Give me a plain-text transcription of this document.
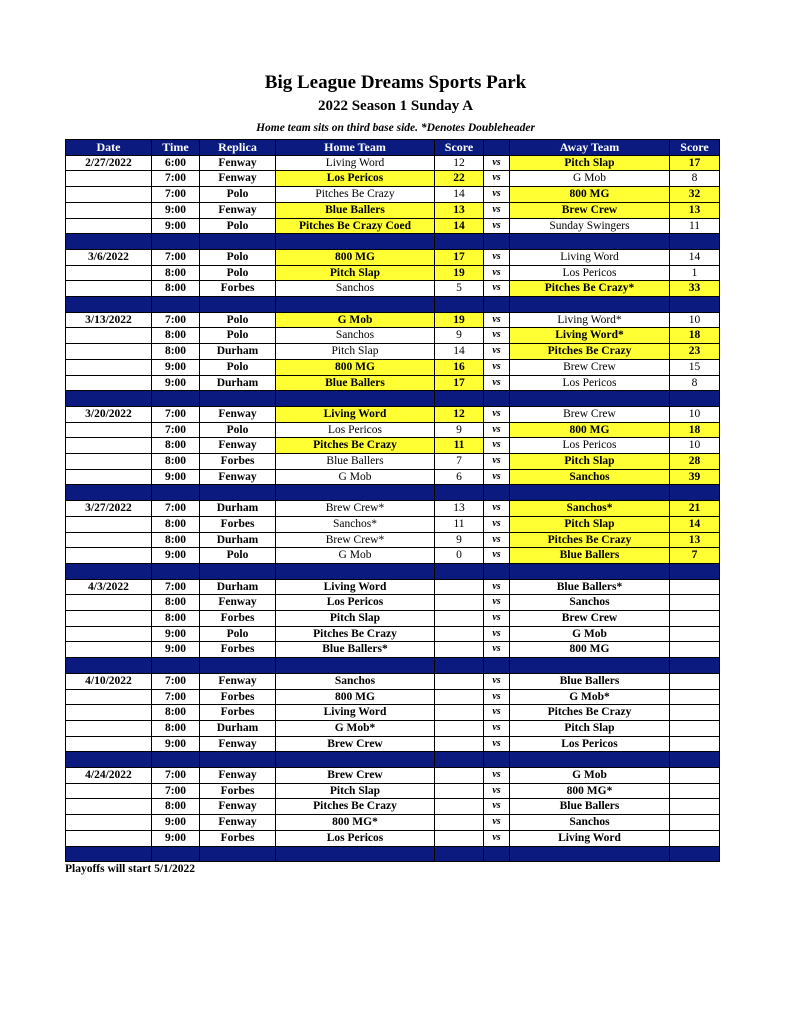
Big League Dreams Sports Park
2022 Season 1 Sunday A
Home team sits on third base side. *Denotes Doubleheader
Date	Time	Replica	Home Team	Score		Away Team	Score
2/27/2022	6:00	Fenway	Living Word	12	vs	Pitch Slap	17
	7:00	Fenway	Los Pericos	22	vs	G Mob	8
	7:00	Polo	Pitches Be Crazy	14	vs	800 MG	32
	9:00	Fenway	Blue Ballers	13	vs	Brew Crew	13
	9:00	Polo	Pitches Be Crazy Coed	14	vs	Sunday Swingers	11

3/6/2022	7:00	Polo	800 MG	17	vs	Living Word	14
	8:00	Polo	Pitch Slap	19	vs	Los Pericos	1
	8:00	Forbes	Sanchos	5	vs	Pitches Be Crazy*	33

3/13/2022	7:00	Polo	G Mob	19	vs	Living Word*	10
	8:00	Polo	Sanchos	9	vs	Living Word*	18
	8:00	Durham	Pitch Slap	14	vs	Pitches Be Crazy	23
	9:00	Polo	800 MG	16	vs	Brew Crew	15
	9:00	Durham	Blue Ballers	17	vs	Los Pericos	8

3/20/2022	7:00	Fenway	Living Word	12	vs	Brew Crew	10
	7:00	Polo	Los Pericos	9	vs	800 MG	18
	8:00	Fenway	Pitches Be Crazy	11	vs	Los Pericos	10
	8:00	Forbes	Blue Ballers	7	vs	Pitch Slap	28
	9:00	Fenway	G Mob	6	vs	Sanchos	39

3/27/2022	7:00	Durham	Brew Crew*	13	vs	Sanchos*	21
	8:00	Forbes	Sanchos*	11	vs	Pitch Slap	14
	8:00	Durham	Brew Crew*	9	vs	Pitches Be Crazy	13
	9:00	Polo	G Mob	0	vs	Blue Ballers	7

4/3/2022	7:00	Durham	Living Word		vs	Blue Ballers*	
	8:00	Fenway	Los Pericos		vs	Sanchos	
	8:00	Forbes	Pitch Slap		vs	Brew Crew	
	9:00	Polo	Pitches Be Crazy		vs	G Mob	
	9:00	Forbes	Blue Ballers*		vs	800 MG	

4/10/2022	7:00	Fenway	Sanchos		vs	Blue Ballers	
	7:00	Forbes	800 MG		vs	G Mob*	
	8:00	Forbes	Living Word		vs	Pitches Be Crazy	
	8:00	Durham	G Mob*		vs	Pitch Slap	
	9:00	Fenway	Brew Crew		vs	Los Pericos	

4/24/2022	7:00	Fenway	Brew Crew		vs	G Mob	
	7:00	Forbes	Pitch Slap		vs	800 MG*	
	8:00	Fenway	Pitches Be Crazy		vs	Blue Ballers	
	9:00	Fenway	800 MG*		vs	Sanchos	
	9:00	Forbes	Los Pericos		vs	Living Word	

Playoffs will start 5/1/2022
